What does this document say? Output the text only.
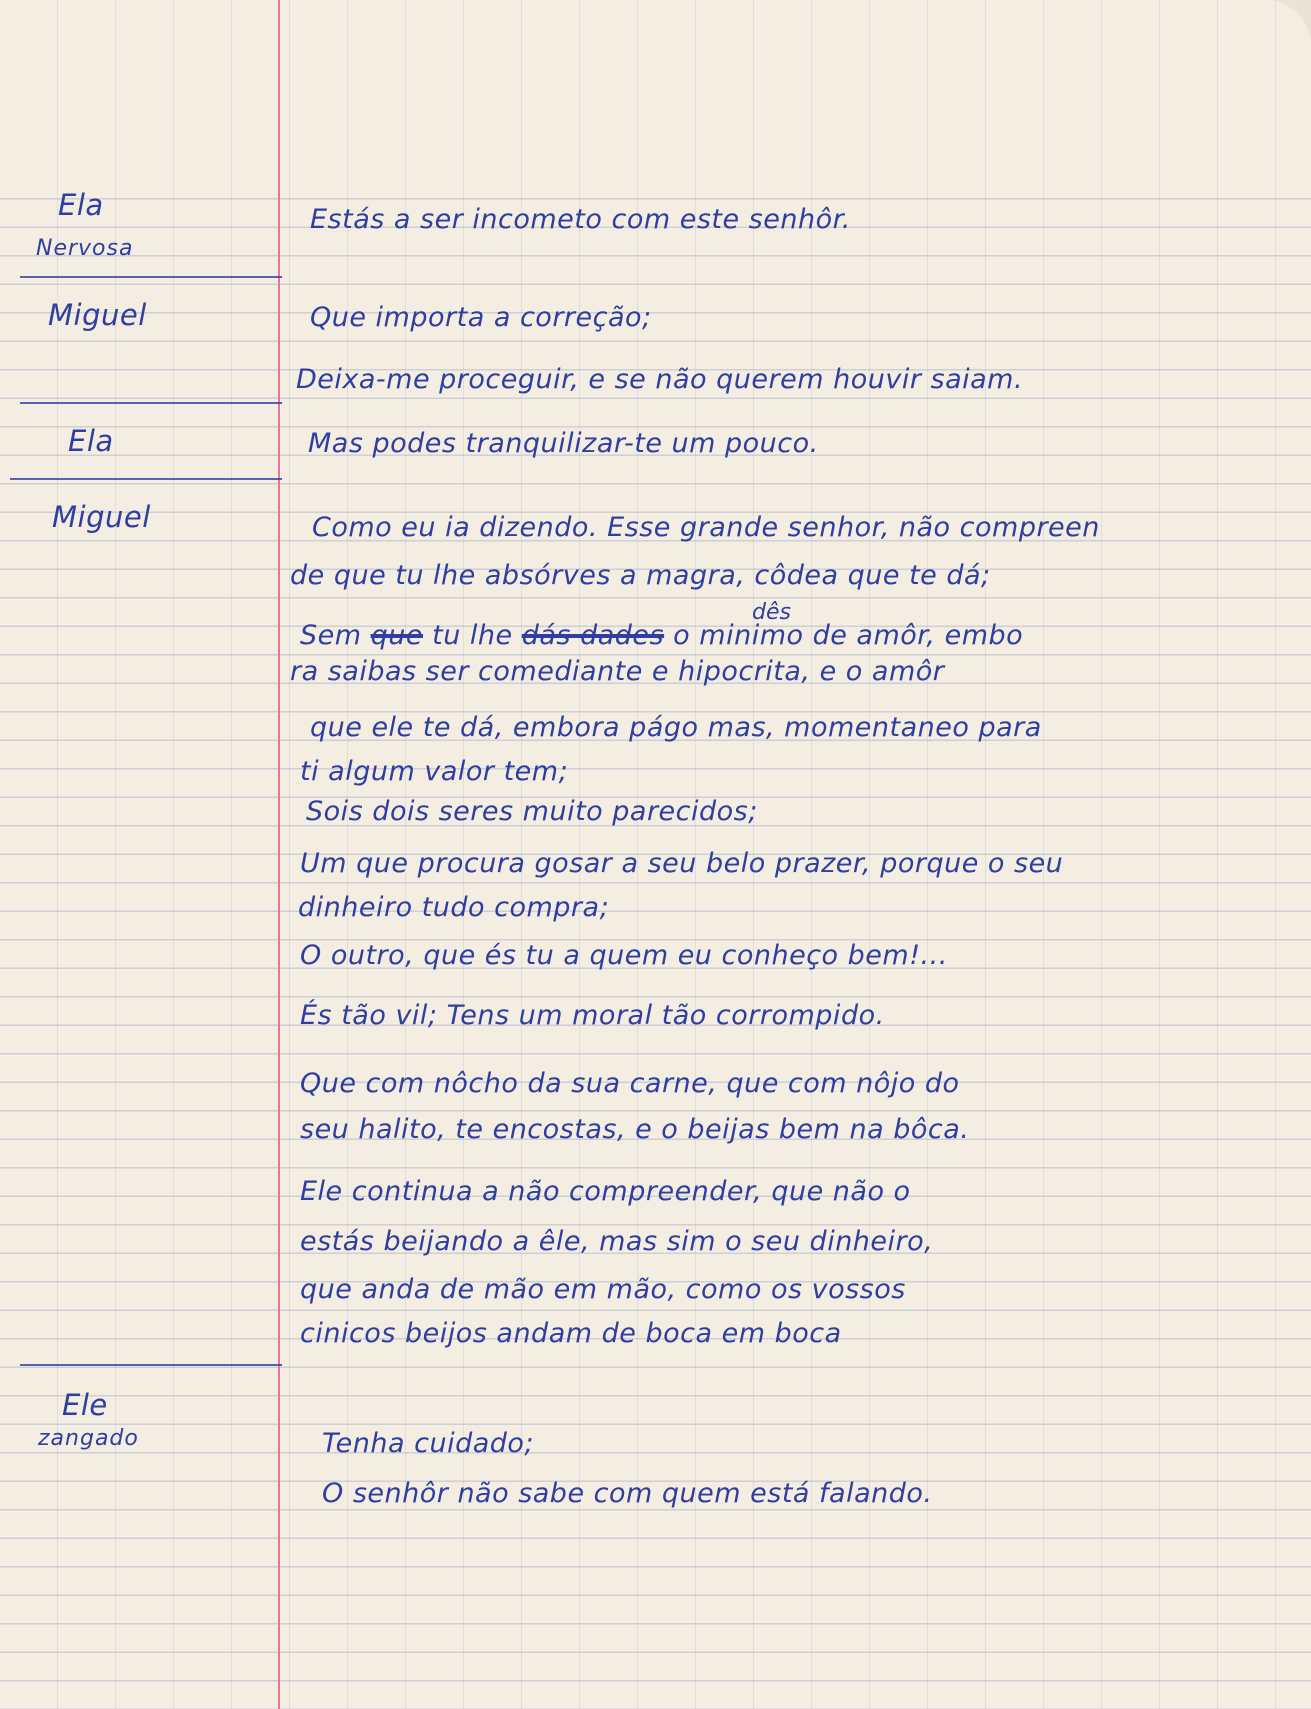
Ela
Nervosa
Miguel
Ela
Miguel
Ele
zangado
Estás a ser incometo com este senhôr.
Que importa a correção;
Deixa-me proceguir, e se não querem houvir saiam.
Mas podes tranquilizar-te um pouco.
Como eu ia dizendo. Esse grande senhor, não compreen
de que tu lhe absórves a magra, côdea que te dá;
Sem que tu lhe dás dades o minimo de amôr, embo
dês
ra saibas ser comediante e hipocrita, e o amôr
que ele te dá, embora págo mas, momentaneo para
ti algum valor tem;
Sois dois seres muito parecidos;
Um que procura gosar a seu belo prazer, porque o seu
dinheiro tudo compra;
O outro, que és tu a quem eu conheço bem!...
És tão vil; Tens um moral tão corrompido.
Que com nôcho da sua carne, que com nôjo do
seu halito, te encostas, e o beijas bem na bôca.
Ele continua a não compreender, que não o
estás beijando a êle, mas sim o seu dinheiro,
que anda de mão em mão, como os vossos
cinicos beijos andam de boca em boca
Tenha cuidado;
O senhôr não sabe com quem está falando.
